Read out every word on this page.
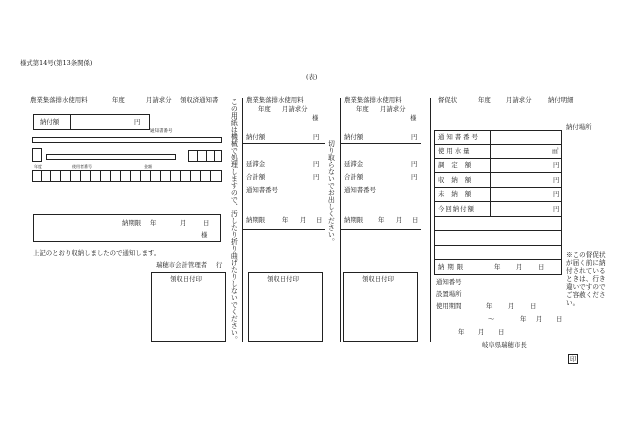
様式第14号(第13条関係)
(表)
農業集落排水使用料	年度	月請求分 領収済通知書
納付額	円
通知書番号
年度	使用者番号	金額
納期限 年	月	日
様
上記のとおり収納しましたので通知します。
瑞穂市会計管理者 行
領収日付印	この用紙は機械で処理しますので、汚したり折り曲げたりしないでください。 農業集落排水使用料
年度 月請求分
様
納付額	円
延滞金	円
合計額	円
通知書番号
納期限	年 月 日
領収日付印
切り取らないでお出しください。
農業集落排水使用料
年度 月請求分
様
納付額	円
延滞金	円
合計額	円
通知書番号
納期限 年 月 日
領収日付印
督促状	年度 月請求分	納付明細
納付場所
通知書番号
使用水量	㎥
調定額	円
収納額	円
未納額	円
今回納付額	円
納期限	年 月 日
※この督促状
が届く前に納
付されている
ときは、行き
違いですので
ご容赦くださ
い。
通知番号
設置場所
使用期間	年 月 日
〜	年 月 日
年 月 日
岐阜県瑞穂市長
印
